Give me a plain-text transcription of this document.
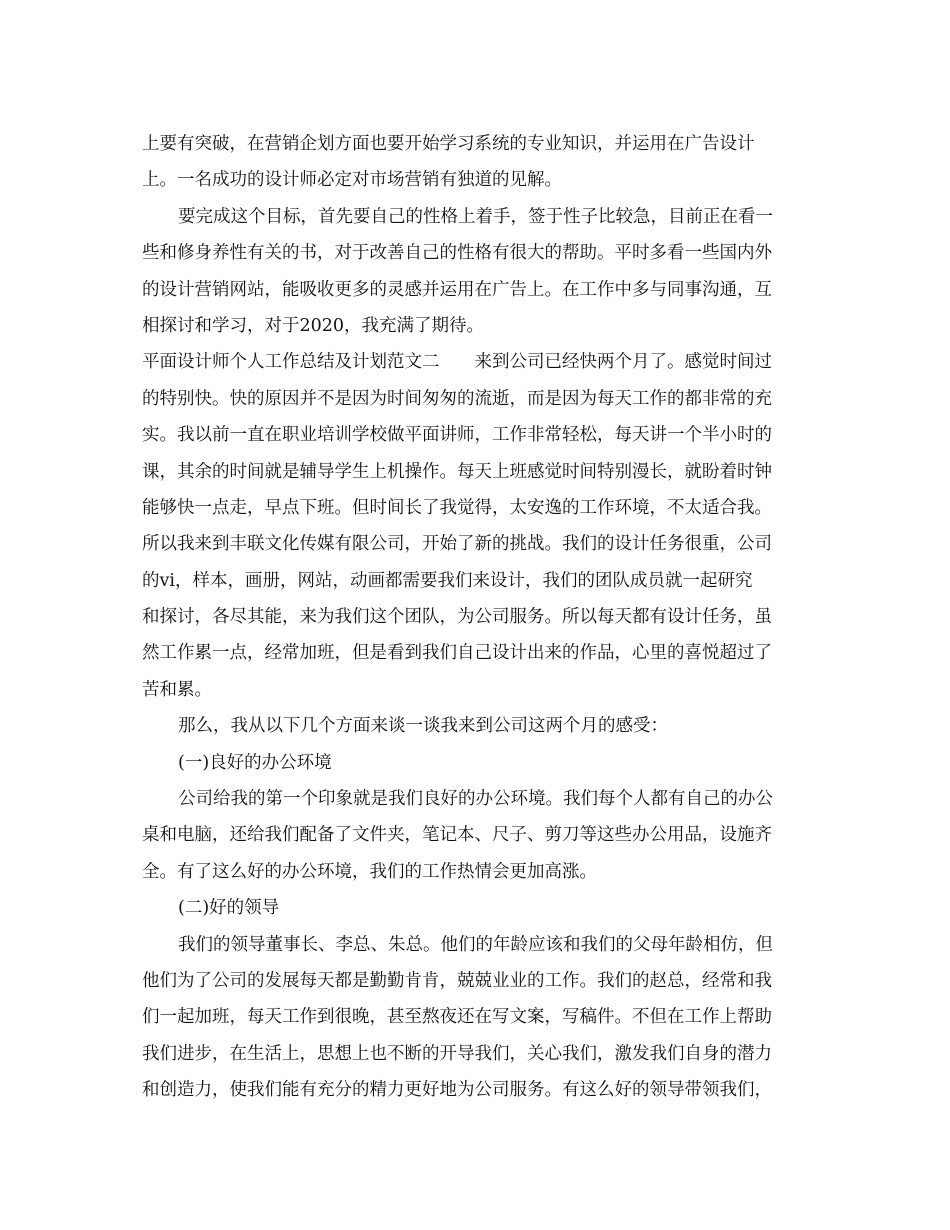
上要有突破，在营销企划方面也要开始学习系统的专业知识，并运用在广告设计
上。一名成功的设计师必定对市场营销有独道的见解。
要完成这个目标，首先要自己的性格上着手，签于性子比较急，目前正在看一
些和修身养性有关的书，对于改善自己的性格有很大的帮助。平时多看一些国内外
的设计营销网站，能吸收更多的灵感并运用在广告上。在工作中多与同事沟通，互
相探讨和学习，对于2020，我充满了期待。
平面设计师个人工作总结及计划范文二　　来到公司已经快两个月了。感觉时间过
的特别快。快的原因并不是因为时间匆匆的流逝，而是因为每天工作的都非常的充
实。我以前一直在职业培训学校做平面讲师，工作非常轻松，每天讲一个半小时的
课，其余的时间就是辅导学生上机操作。每天上班感觉时间特别漫长，就盼着时钟
能够快一点走，早点下班。但时间长了我觉得，太安逸的工作环境，不太适合我。
所以我来到丰联文化传媒有限公司，开始了新的挑战。我们的设计任务很重，公司
的vi，样本，画册，网站，动画都需要我们来设计，我们的团队成员就一起研究
和探讨，各尽其能，来为我们这个团队，为公司服务。所以每天都有设计任务，虽
然工作累一点，经常加班，但是看到我们自己设计出来的作品，心里的喜悦超过了
苦和累。
那么，我从以下几个方面来谈一谈我来到公司这两个月的感受：
(一)良好的办公环境
公司给我的第一个印象就是我们良好的办公环境。我们每个人都有自己的办公
桌和电脑，还给我们配备了文件夹，笔记本、尺子、剪刀等这些办公用品，设施齐
全。有了这么好的办公环境，我们的工作热情会更加高涨。
(二)好的领导
我们的领导董事长、李总、朱总。他们的年龄应该和我们的父母年龄相仿，但
他们为了公司的发展每天都是勤勤肯肯，兢兢业业的工作。我们的赵总，经常和我
们一起加班，每天工作到很晚，甚至熬夜还在写文案，写稿件。不但在工作上帮助
我们进步，在生活上，思想上也不断的开导我们，关心我们，激发我们自身的潜力
和创造力，使我们能有充分的精力更好地为公司服务。有这么好的领导带领我们，
